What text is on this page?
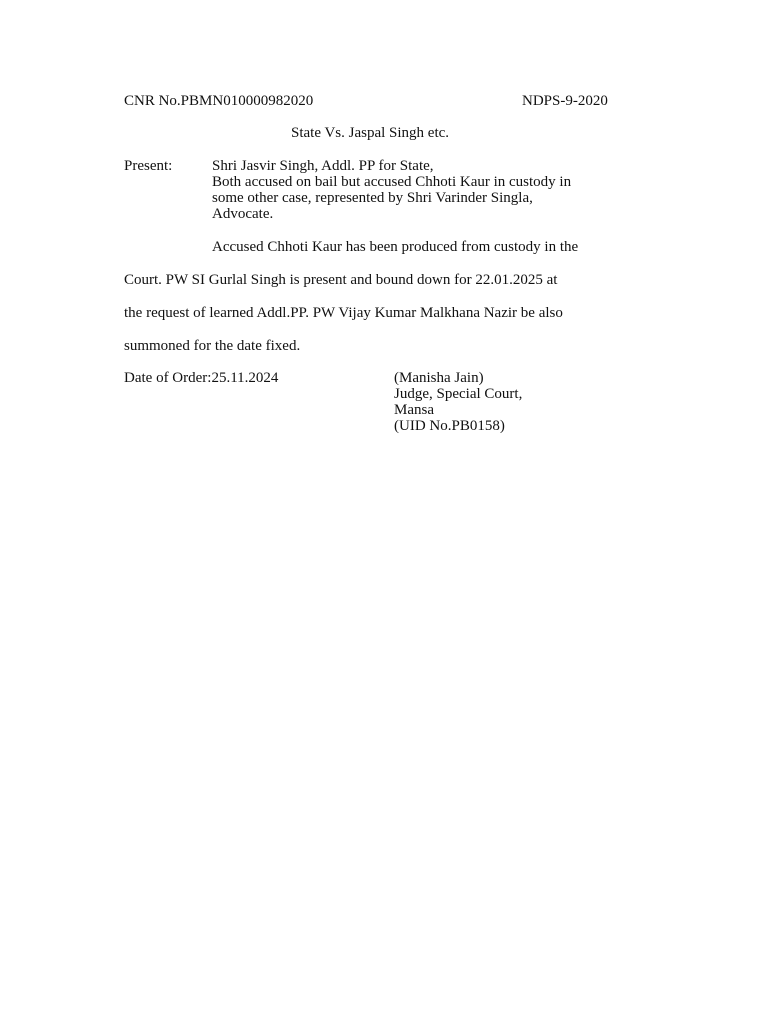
CNR No.PBMN010000982020	NDPS-9-2020
State Vs. Jaspal Singh etc.
Present:	Shri Jasvir Singh, Addl. PP for State,
Both accused on bail but accused Chhoti Kaur in custody in
some other case, represented by Shri Varinder Singla,
Advocate.
Accused Chhoti Kaur has been produced from custody in the
Court. PW SI Gurlal Singh is present and bound down for 22.01.2025 at
the request of learned Addl.PP. PW Vijay Kumar Malkhana Nazir be also
summoned for the date fixed.
Date of Order:25.11.2024	(Manisha Jain)
Judge, Special Court,
Mansa
(UID No.PB0158)
